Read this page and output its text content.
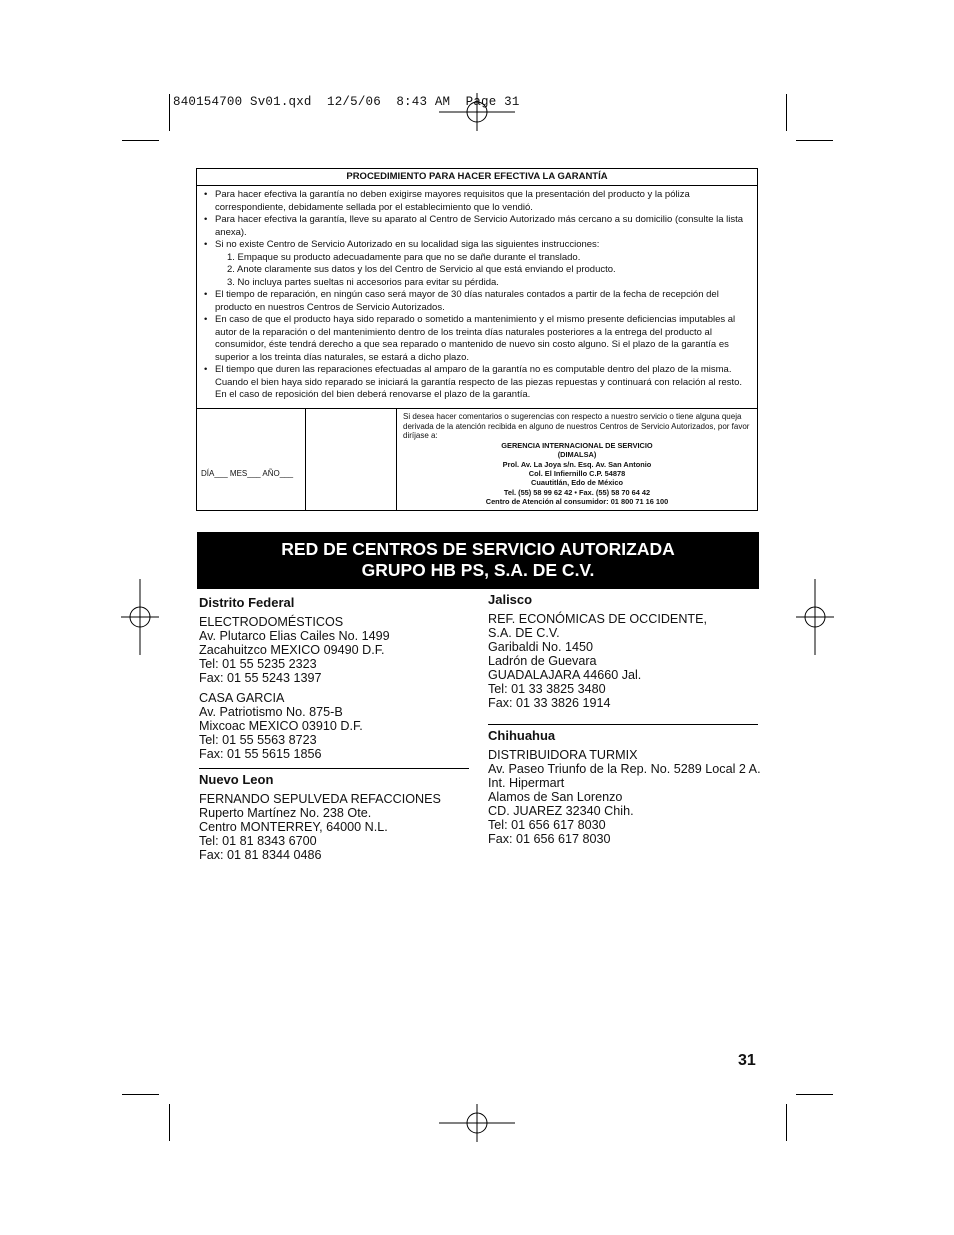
840154700 Sv01.qxd  12/5/06  8:43 AM  Page 31
PROCEDIMIENTO PARA HACER EFECTIVA LA GARANTÍA
• Para hacer efectiva la garantía no deben exigirse mayores requisitos que la presentación del producto y la póliza correspondiente, debidamente sellada por el establecimiento que lo vendió.
• Para hacer efectiva la garantía, lleve su aparato al Centro de Servicio Autorizado más cercano a su domicilio (consulte la lista anexa).
• Si no existe Centro de Servicio Autorizado en su localidad siga las siguientes instrucciones:
1. Empaque su producto adecuadamente para que no se dañe durante el translado.
2. Anote claramente sus datos y los del Centro de Servicio al que está enviando el producto.
3. No incluya partes sueltas ni accesorios para evitar su pérdida.
• El tiempo de reparación, en ningún caso será mayor de 30 días naturales contados a partir de la fecha de recepción del producto en nuestros Centros de Servicio Autorizados.
• En caso de que el producto haya sido reparado o sometido a mantenimiento y el mismo presente deficiencias imputables al autor de la reparación o del mantenimiento dentro de los treinta días naturales posteriores a la entrega del producto al consumidor, éste tendrá derecho a que sea reparado o mantenido de nuevo sin costo alguno. Si el plazo de la garantía es superior a los treinta días naturales, se estará a dicho plazo.
• El tiempo que duren las reparaciones efectuadas al amparo de la garantía no es computable dentro del plazo de la misma. Cuando el bien haya sido reparado se iniciará la garantía respecto de las piezas repuestas y continuará con relación al resto. En el caso de reposición del bien deberá renovarse el plazo de la garantía.
DÍA___ MES___ AÑO___
Si desea hacer comentarios o sugerencias con respecto a nuestro servicio o tiene alguna queja derivada de la atención recibida en alguno de nuestros Centros de Servicio Autorizados, por favor diríjase a:
GERENCIA INTERNACIONAL DE SERVICIO
(DIMALSA)
Prol. Av. La Joya s/n. Esq. Av. San Antonio
Col. El Infiernillo C.P. 54878
Cuautitlán, Edo de México
Tel. (55) 58 99 62 42 • Fax. (55) 58 70 64 42
Centro de Atención al consumidor: 01 800 71 16 100
RED DE CENTROS DE SERVICIO AUTORIZADA
GRUPO HB PS, S.A. DE C.V.
Distrito Federal
ELECTRODOMÉSTICOS
Av. Plutarco Elias Cailes No. 1499
Zacahuitzco MEXICO 09490 D.F.
Tel: 01 55 5235 2323
Fax: 01 55 5243 1397
CASA GARCIA
Av. Patriotismo No. 875-B
Mixcoac MEXICO 03910 D.F.
Tel: 01 55 5563 8723
Fax: 01 55 5615 1856
Nuevo Leon
FERNANDO SEPULVEDA REFACCIONES
Ruperto Martínez No. 238 Ote.
Centro MONTERREY, 64000 N.L.
Tel: 01 81 8343 6700
Fax: 01 81 8344 0486
Jalisco
REF. ECONÓMICAS DE OCCIDENTE,
S.A. DE C.V.
Garibaldi No. 1450
Ladrón de Guevara
GUADALAJARA 44660 Jal.
Tel: 01 33 3825 3480
Fax: 01 33 3826 1914
Chihuahua
DISTRIBUIDORA TURMIX
Av. Paseo Triunfo de la Rep. No. 5289 Local 2 A.
Int. Hipermart
Alamos de San Lorenzo
CD. JUAREZ 32340 Chih.
Tel: 01 656 617 8030
Fax: 01 656 617 8030
31
